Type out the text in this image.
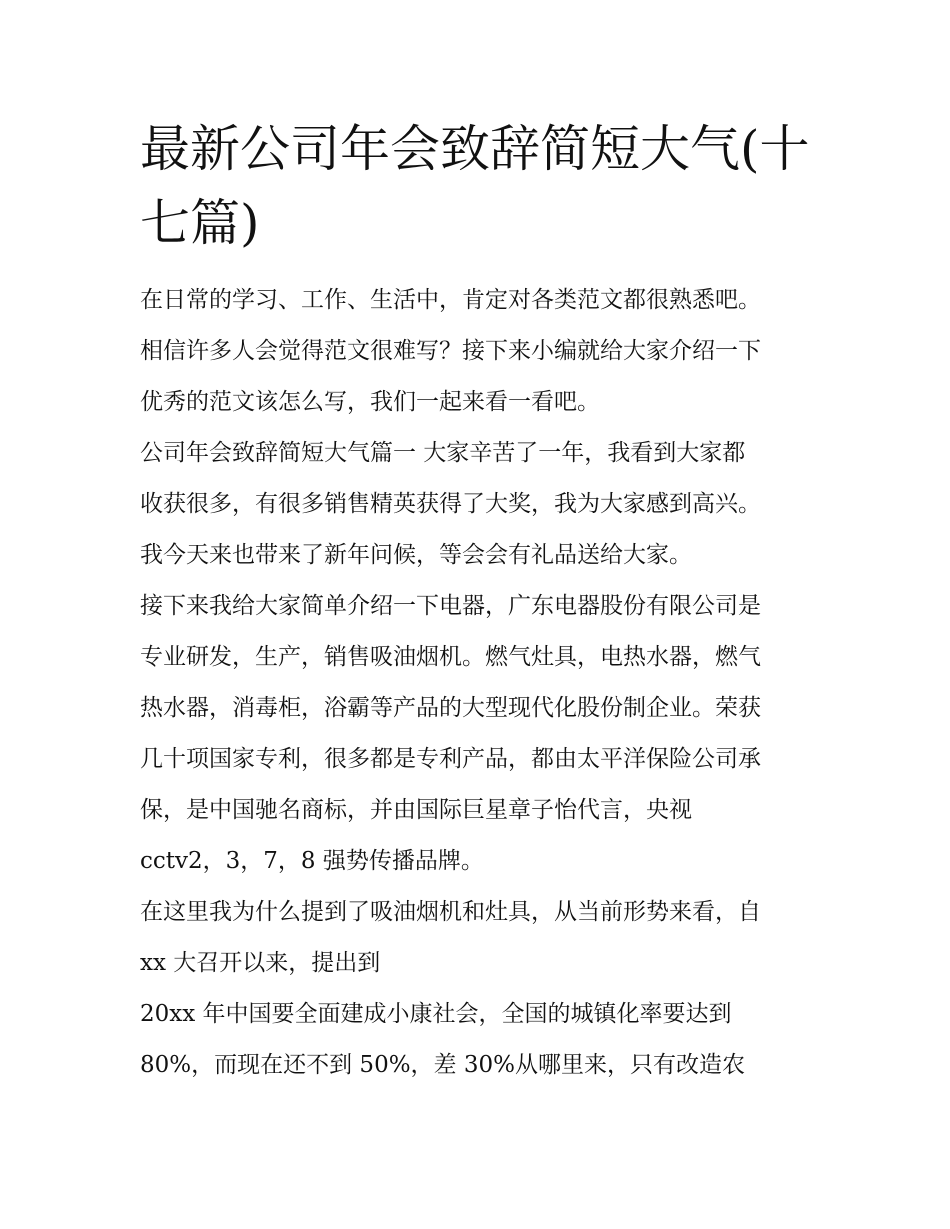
最新公司年会致辞简短大气(十
七篇)
在日常的学习、工作、生活中，肯定对各类范文都很熟悉吧。
相信许多人会觉得范文很难写？接下来小编就给大家介绍一下
优秀的范文该怎么写，我们一起来看一看吧。
公司年会致辞简短大气篇一 大家辛苦了一年，我看到大家都
收获很多，有很多销售精英获得了大奖，我为大家感到高兴。
我今天来也带来了新年问候，等会会有礼品送给大家。
接下来我给大家简单介绍一下电器，广东电器股份有限公司是
专业研发，生产，销售吸油烟机。燃气灶具，电热水器，燃气
热水器，消毒柜，浴霸等产品的大型现代化股份制企业。荣获
几十项国家专利，很多都是专利产品，都由太平洋保险公司承
保，是中国驰名商标，并由国际巨星章子怡代言，央视
cctv2，3，7，8 强势传播品牌。
在这里我为什么提到了吸油烟机和灶具，从当前形势来看，自
xx 大召开以来，提出到
20xx 年中国要全面建成小康社会，全国的城镇化率要达到
80%，而现在还不到 50%，差 30%从哪里来，只有改造农
